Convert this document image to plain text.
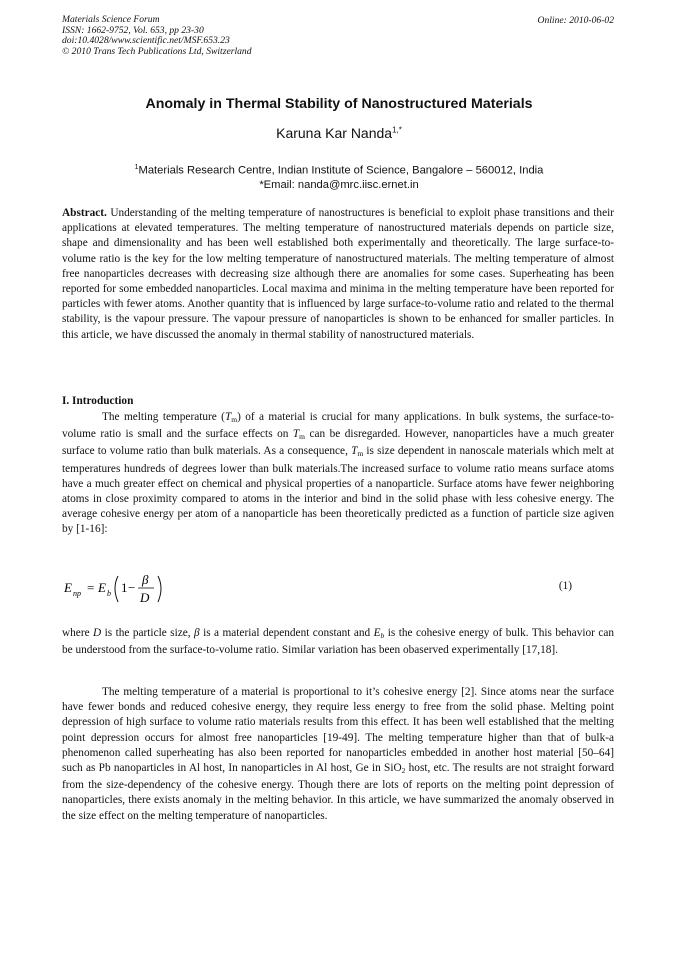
Materials Science Forum
ISSN: 1662-9752, Vol. 653, pp 23-30
doi:10.4028/www.scientific.net/MSF.653.23
© 2010 Trans Tech Publications Ltd, Switzerland
Online: 2010-06-02
Anomaly in Thermal Stability of Nanostructured Materials
Karuna Kar Nanda$^{1,*}$
$^1$Materials Research Centre, Indian Institute of Science, Bangalore – 560012, India
*Email: nanda@mrc.iisc.ernet.in
Abstract. Understanding of the melting temperature of nanostructures is beneficial to exploit phase transitions and their applications at elevated temperatures. The melting temperature of nanostructured materials depends on particle size, shape and dimensionality and has been well established both experimentally and theoretically. The large surface-to-volume ratio is the key for the low melting temperature of nanostructured materials. The melting temperature of almost free nanoparticles decreases with decreasing size although there are anomalies for some cases. Superheating has been reported for some embedded nanoparticles. Local maxima and minima in the melting temperature have been reported for particles with fewer atoms. Another quantity that is influenced by large surface-to-volume ratio and related to the thermal stability, is the vapour pressure. The vapour pressure of nanoparticles is shown to be enhanced for smaller particles. In this article, we have discussed the anomaly in thermal stability of nanostructured materials.
I. Introduction
The melting temperature $(T_m)$ of a material is crucial for many applications. In bulk systems, the surface-to-volume ratio is small and the surface effects on $T_m$ can be disregarded. However, nanoparticles have a much greater surface to volume ratio than bulk materials. As a consequence, $T_m$ is size dependent in nanoscale materials which melt at temperatures hundreds of degrees lower than bulk materials.The increased surface to volume ratio means surface atoms have a much greater effect on chemical and physical properties of a nanoparticle. Surface atoms have fewer neighboring atoms in close proximity compared to atoms in the interior and bind in the solid phase with less cohesive energy. The average cohesive energy per atom of a nanoparticle has been theoretically predicted as a function of particle size agiven by [1-16]:
E np = E b 1 −
β
D
(1)
where D is the particle size, β is a material dependent constant and $E_b$ is the cohesive energy of bulk. This behavior can be understood from the surface-to-volume ratio. Similar variation has been obaserved experimentally [17,18].
The melting temperature of a material is proportional to it’s cohesive energy [2]. Since atoms near the surface have fewer bonds and reduced cohesive energy, they require less energy to free from the solid phase. Melting point depression of high surface to volume ratio materials results from this effect. It has been well established that the melting point depression occurs for almost free nanoparticles [19-49]. The melting temperature higher than that of bulk-a phenomenon called superheating has also been reported for nanoparticles embedded in another host material [50–64] such as Pb nanoparticles in Al host, In nanoparticles in Al host, Ge in SiO$_2$ host, etc. The results are not straight forward from the size-dependency of the cohesive energy. Though there are lots of reports on the melting point depression of nanoparticles, there exists anomaly in the melting behavior. In this article, we have summarized the anomaly observed in the size effect on the melting temperature of nanoparticles.
